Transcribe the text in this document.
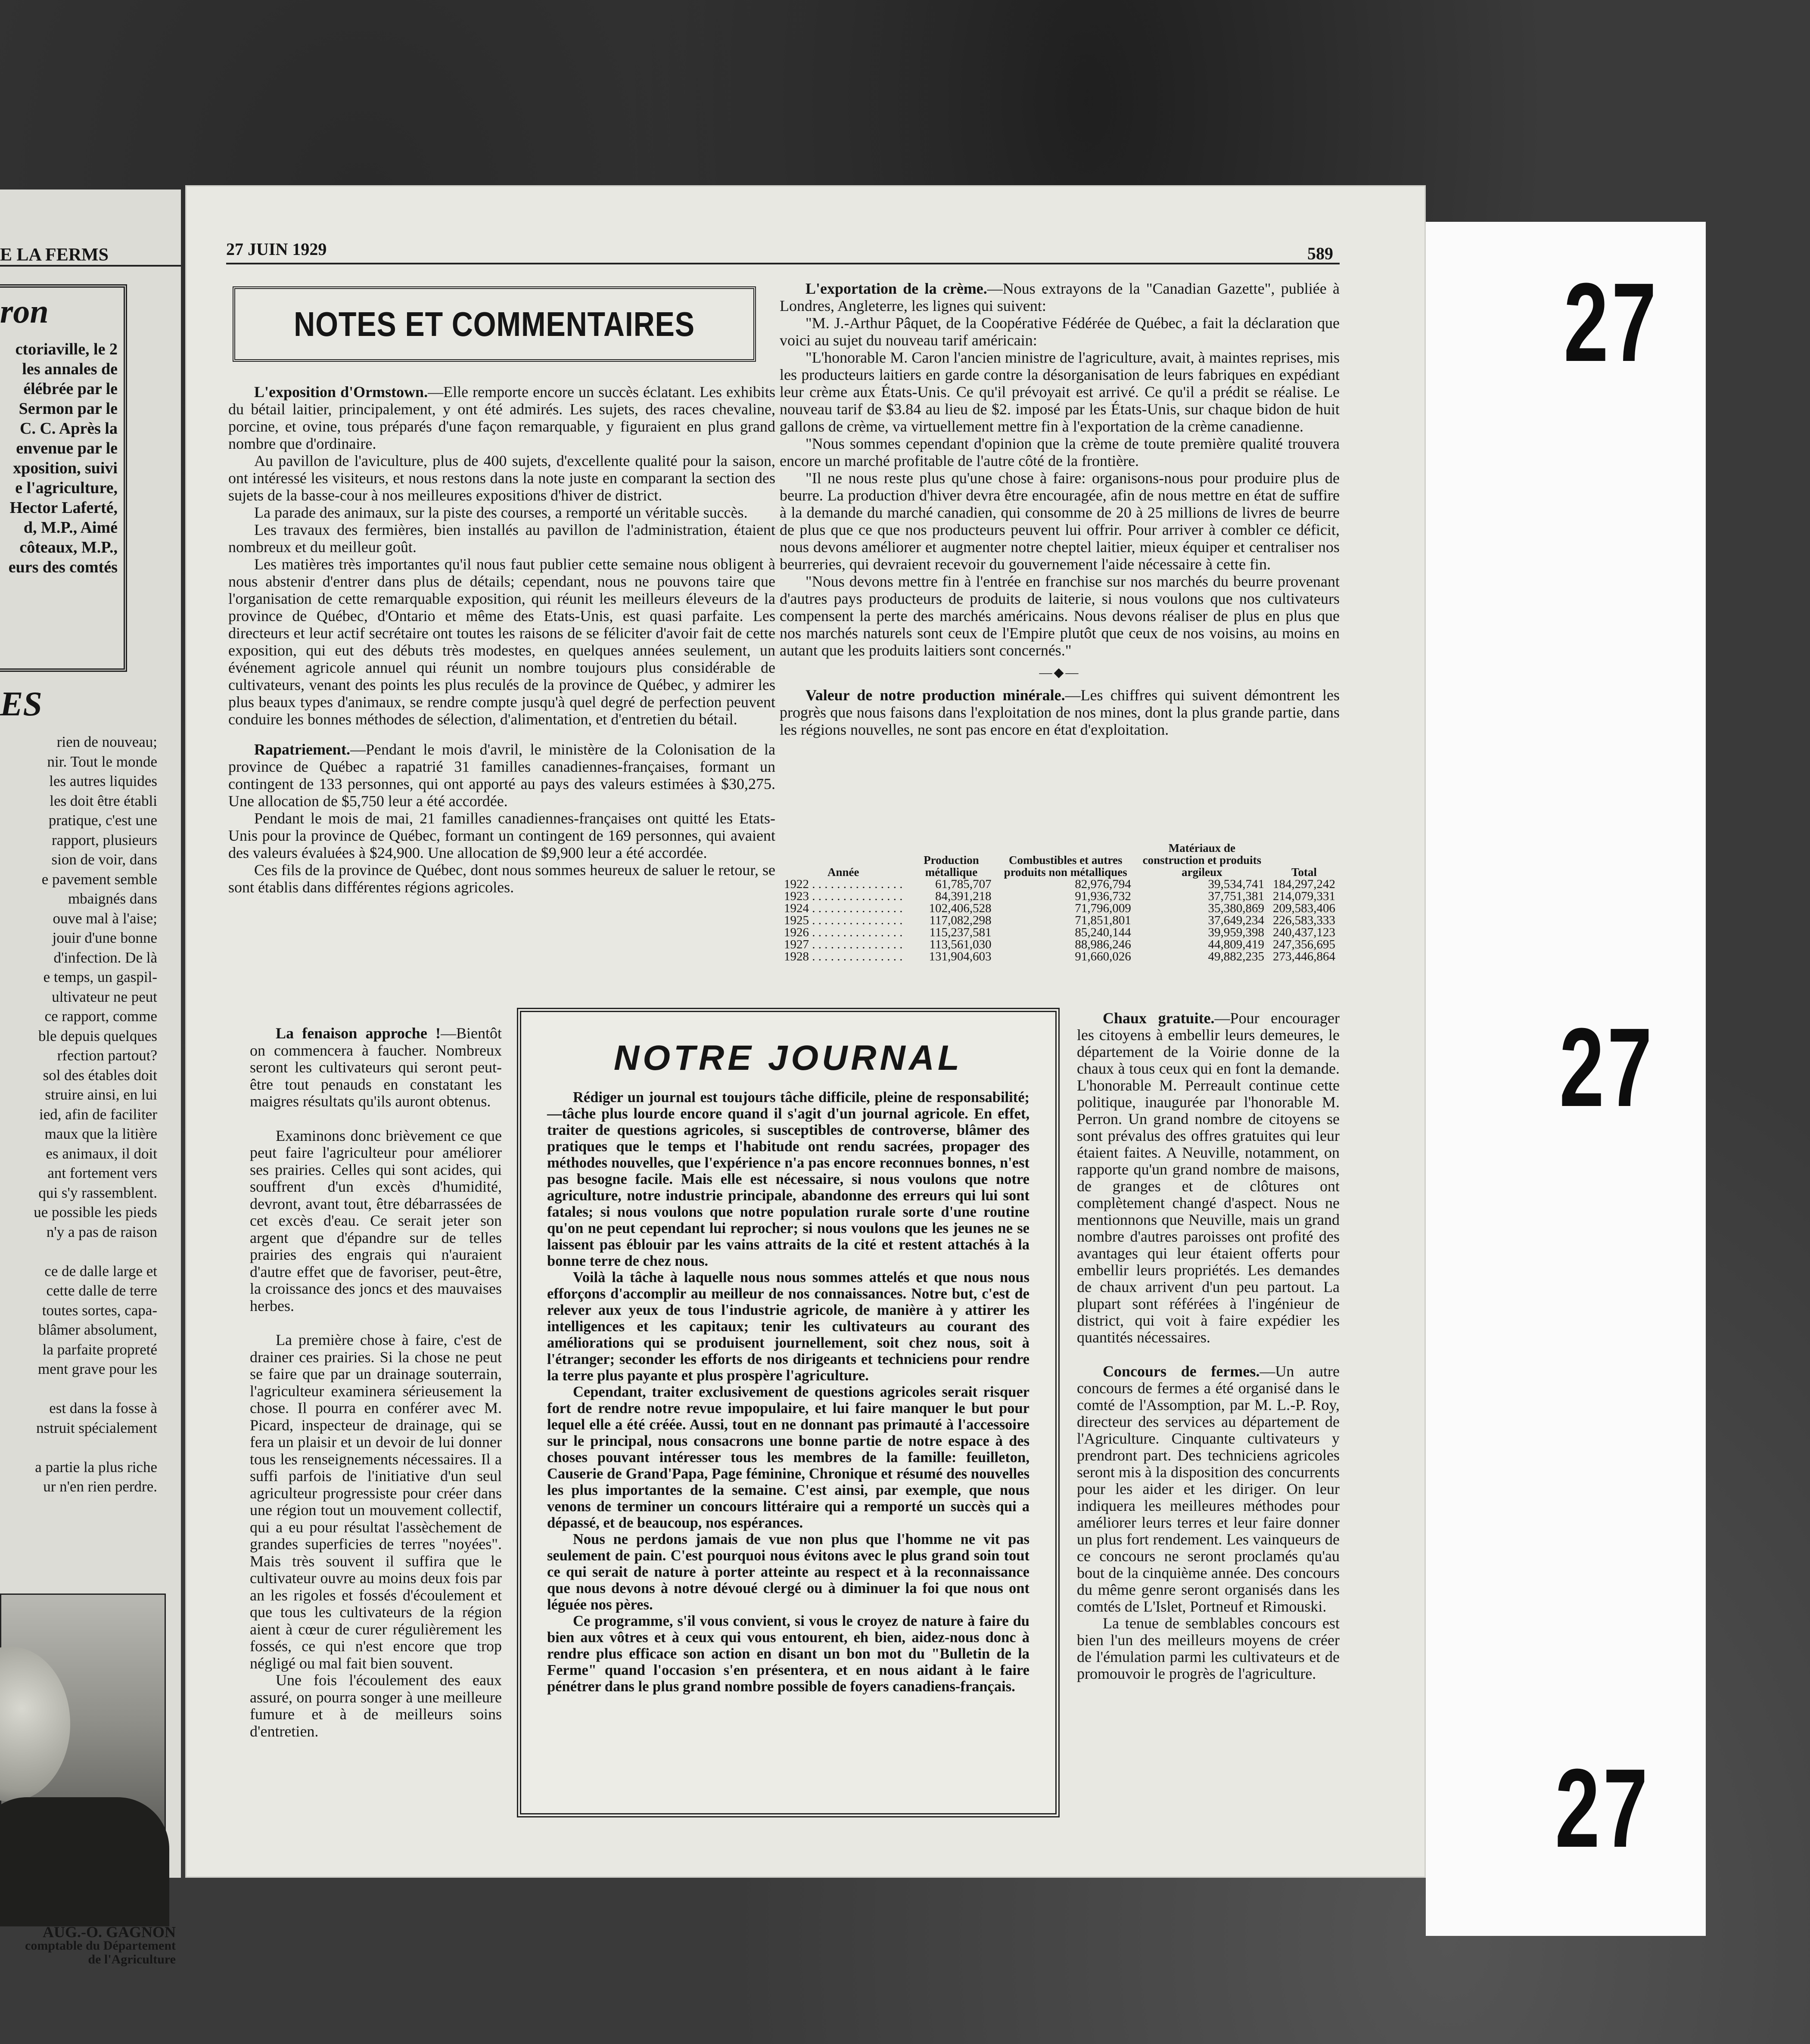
E LA FERMS
ron
ctoriaville, le 2
les annales de
élébrée par le
Sermon par le
C. C. Après la
envenue par le
xposition, suivi
e l'agriculture,
Hector Laferté,
d, M.P., Aimé
côteaux, M.P.,
eurs des comtés
ES
rien de nouveau;
nir. Tout le monde
les autres liquides
les doit être établi
pratique, c'est une
rapport, plusieurs
sion de voir, dans
e pavement semble
mbaignés dans
ouve mal à l'aise;
jouir d'une bonne
d'infection. De là
e temps, un gaspil-
ultivateur ne peut
ce rapport, comme
ble depuis quelques
rfection partout?
sol des étables doit
struire ainsi, en lui
ied, afin de faciliter
maux que la litière
es animaux, il doit
ant fortement vers
qui s'y rassemblent.
ue possible les pieds
n'y a pas de raison

ce de dalle large et
cette dalle de terre
toutes sortes, capa-
blâmer absolument,
la parfaite propreté
ment grave pour les

est dans la fosse à
nstruit spécialement

a partie la plus riche
ur n'en rien perdre.
AUG.-O. GAGNON
comptable du Département
de l'Agriculture
27 JUIN 1929	589
NOTES ET COMMENTAIRES

L'exposition d'Ormstown.—Elle remporte encore un succès éclatant. Les exhibits du bétail laitier, principalement, y ont été admirés. Les sujets, des races chevaline, porcine, et ovine, tous préparés d'une façon remarquable, y figuraient en plus grand nombre que d'ordinaire.

Au pavillon de l'aviculture, plus de 400 sujets, d'excellente qualité pour la saison, ont intéressé les visiteurs, et nous restons dans la note juste en comparant la section des sujets de la basse-cour à nos meilleures expositions d'hiver de district.

La parade des animaux, sur la piste des courses, a remporté un véritable succès.

Les travaux des fermières, bien installés au pavillon de l'administration, étaient nombreux et du meilleur goût.

Les matières très importantes qu'il nous faut publier cette semaine nous obligent à nous abstenir d'entrer dans plus de détails; cependant, nous ne pouvons taire que l'organisation de cette remarquable exposition, qui réunit les meilleurs éleveurs de la province de Québec, d'Ontario et même des Etats-Unis, est quasi parfaite. Les directeurs et leur actif secrétaire ont toutes les raisons de se féliciter d'avoir fait de cette exposition, qui eut des débuts très modestes, en quelques années seulement, un événement agricole annuel qui réunit un nombre toujours plus considérable de cultivateurs, venant des points les plus reculés de la province de Québec, y admirer les plus beaux types d'animaux, se rendre compte jusqu'à quel degré de perfection peuvent conduire les bonnes méthodes de sélection, d'alimentation, et d'entretien du bétail.

Rapatriement.—Pendant le mois d'avril, le ministère de la Colonisation de la province de Québec a rapatrié 31 familles canadiennes-françaises, formant un contingent de 133 personnes, qui ont apporté au pays des valeurs estimées à $30,275. Une allocation de $5,750 leur a été accordée.

Pendant le mois de mai, 21 familles canadiennes-françaises ont quitté les Etats-Unis pour la province de Québec, formant un contingent de 169 personnes, qui avaient des valeurs évaluées à $24,900. Une allocation de $9,900 leur a été accordée.

Ces fils de la province de Québec, dont nous sommes heureux de saluer le retour, se sont établis dans différentes régions agricoles.

La fenaison approche !—Bientôt on commencera à faucher. Nombreux seront les cultivateurs qui seront peut-être tout penauds en constatant les maigres résultats qu'ils auront obtenus.

Examinons donc brièvement ce que peut faire l'agriculteur pour améliorer ses prairies. Celles qui sont acides, qui souffrent d'un excès d'humidité, devront, avant tout, être débarrassées de cet excès d'eau. Ce serait jeter son argent que d'épandre sur de telles prairies des engrais qui n'auraient d'autre effet que de favoriser, peut-être, la croissance des joncs et des mauvaises herbes.

La première chose à faire, c'est de drainer ces prairies. Si la chose ne peut se faire que par un drainage souterrain, l'agriculteur examinera sérieusement la chose. Il pourra en conférer avec M. Picard, inspecteur de drainage, qui se fera un plaisir et un devoir de lui donner tous les renseignements nécessaires. Il a suffi parfois de l'initiative d'un seul agriculteur progressiste pour créer dans une région tout un mouvement collectif, qui a eu pour résultat l'assèchement de grandes superficies de terres "noyées". Mais très souvent il suffira que le cultivateur ouvre au moins deux fois par an les rigoles et fossés d'écoulement et que tous les cultivateurs de la région aient à cœur de curer régulièrement les fossés, ce qui n'est encore que trop négligé ou mal fait bien souvent.

Une fois l'écoulement des eaux assuré, on pourra songer à une meilleure fumure et à de meilleurs soins d'entretien.

NOTRE JOURNAL

Rédiger un journal est toujours tâche difficile, pleine de responsabilité;—tâche plus lourde encore quand il s'agit d'un journal agricole. En effet, traiter de questions agricoles, si susceptibles de controverse, blâmer des pratiques que le temps et l'habitude ont rendu sacrées, propager des méthodes nouvelles, que l'expérience n'a pas encore reconnues bonnes, n'est pas besogne facile. Mais elle est nécessaire, si nous voulons que notre agriculture, notre industrie principale, abandonne des erreurs qui lui sont fatales; si nous voulons que notre population rurale sorte d'une routine qu'on ne peut cependant lui reprocher; si nous voulons que les jeunes ne se laissent pas éblouir par les vains attraits de la cité et restent attachés à la bonne terre de chez nous.

Voilà la tâche à laquelle nous nous sommes attelés et que nous nous efforçons d'accomplir au meilleur de nos connaissances. Notre but, c'est de relever aux yeux de tous l'industrie agricole, de manière à y attirer les intelligences et les capitaux; tenir les cultivateurs au courant des améliorations qui se produisent journellement, soit chez nous, soit à l'étranger; seconder les efforts de nos dirigeants et techniciens pour rendre la terre plus payante et plus prospère l'agriculture.

Cependant, traiter exclusivement de questions agricoles serait risquer fort de rendre notre revue impopulaire, et lui faire manquer le but pour lequel elle a été créée. Aussi, tout en ne donnant pas primauté à l'accessoire sur le principal, nous consacrons une bonne partie de notre espace à des choses pouvant intéresser tous les membres de la famille: feuilleton, Causerie de Grand'Papa, Page féminine, Chronique et résumé des nouvelles les plus importantes de la semaine. C'est ainsi, par exemple, que nous venons de terminer un concours littéraire qui a remporté un succès qui a dépassé, et de beaucoup, nos espérances.

Nous ne perdons jamais de vue non plus que l'homme ne vit pas seulement de pain. C'est pourquoi nous évitons avec le plus grand soin tout ce qui serait de nature à porter atteinte au respect et à la reconnaissance que nous devons à notre dévoué clergé ou à diminuer la foi que nous ont léguée nos pères.

Ce programme, s'il vous convient, si vous le croyez de nature à faire du bien aux vôtres et à ceux qui vous entourent, eh bien, aidez-nous donc à rendre plus efficace son action en disant un bon mot du "Bulletin de la Ferme" quand l'occasion s'en présentera, et en nous aidant à le faire pénétrer dans le plus grand nombre possible de foyers canadiens-français.

L'exportation de la crème.—Nous extrayons de la "Canadian Gazette", publiée à Londres, Angleterre, les lignes qui suivent:

"M. J.-Arthur Pâquet, de la Coopérative Fédérée de Québec, a fait la déclaration que voici au sujet du nouveau tarif américain:

"L'honorable M. Caron l'ancien ministre de l'agriculture, avait, à maintes reprises, mis les producteurs laitiers en garde contre la désorganisation de leurs fabriques en expédiant leur crème aux États-Unis. Ce qu'il prévoyait est arrivé. Ce qu'il a prédit se réalise. Le nouveau tarif de $3.84 au lieu de $2. imposé par les États-Unis, sur chaque bidon de huit gallons de crème, va virtuellement mettre fin à l'exportation de la crème canadienne.

"Nous sommes cependant d'opinion que la crème de toute première qualité trouvera encore un marché profitable de l'autre côté de la frontière.

"Il ne nous reste plus qu'une chose à faire: organisons-nous pour produire plus de beurre. La production d'hiver devra être encouragée, afin de nous mettre en état de suffire à la demande du marché canadien, qui consomme de 20 à 25 millions de livres de beurre de plus que ce que nos producteurs peuvent lui offrir. Pour arriver à combler ce déficit, nous devons améliorer et augmenter notre cheptel laitier, mieux équiper et centraliser nos beurreries, qui devraient recevoir du gouvernement l'aide nécessaire à cette fin.

"Nous devons mettre fin à l'entrée en franchise sur nos marchés du beurre provenant d'autres pays producteurs de produits de laiterie, si nous voulons que nos cultivateurs compensent la perte des marchés américains. Nous devons réaliser de plus en plus que nos marchés naturels sont ceux de l'Empire plutôt que ceux de nos voisins, au moins en autant que les produits laitiers sont concernés."

—◆—

Valeur de notre production minérale.—Les chiffres qui suivent démontrent les progrès que nous faisons dans l'exploitation de nos mines, dont la plus grande partie, dans les régions nouvelles, ne sont pas encore en état d'exploitation.

Année	Production métallique	Combustibles et autres produits non métalliques	Matériaux de construction et produits argileux	Total
1922 . . . . . . . . . . . . . . .	61,785,707	82,976,794	39,534,741	184,297,242
1923 . . . . . . . . . . . . . . .	84,391,218	91,936,732	37,751,381	214,079,331
1924 . . . . . . . . . . . . . . .	102,406,528	71,796,009	35,380,869	209,583,406
1925 . . . . . . . . . . . . . . .	117,082,298	71,851,801	37,649,234	226,583,333
1926 . . . . . . . . . . . . . . .	115,237,581	85,240,144	39,959,398	240,437,123
1927 . . . . . . . . . . . . . . .	113,561,030	88,986,246	44,809,419	247,356,695
1928 . . . . . . . . . . . . . . .	131,904,603	91,660,026	49,882,235	273,446,864

Chaux gratuite.—Pour encourager les citoyens à embellir leurs demeures, le département de la Voirie donne de la chaux à tous ceux qui en font la demande. L'honorable M. Perreault continue cette politique, inaugurée par l'honorable M. Perron. Un grand nombre de citoyens se sont prévalus des offres gratuites qui leur étaient faites. A Neuville, notamment, on rapporte qu'un grand nombre de maisons, de granges et de clôtures ont complètement changé d'aspect. Nous ne mentionnons que Neuville, mais un grand nombre d'autres paroisses ont profité des avantages qui leur étaient offerts pour embellir leurs propriétés. Les demandes de chaux arrivent d'un peu partout. La plupart sont référées à l'ingénieur de district, qui voit à faire expédier les quantités nécessaires.

Concours de fermes.—Un autre concours de fermes a été organisé dans le comté de l'Assomption, par M. L.-P. Roy, directeur des services au département de l'Agriculture. Cinquante cultivateurs y prendront part. Des techniciens agricoles seront mis à la disposition des concurrents pour les aider et les diriger. On leur indiquera les meilleures méthodes pour améliorer leurs terres et leur faire donner un plus fort rendement. Les vainqueurs de ce concours ne seront proclamés qu'au bout de la cinquième année. Des concours du même genre seront organisés dans les comtés de L'Islet, Portneuf et Rimouski.

La tenue de semblables concours est bien l'un des meilleurs moyens de créer de l'émulation parmi les cultivateurs et de promouvoir le progrès de l'agriculture.

27
27
27
